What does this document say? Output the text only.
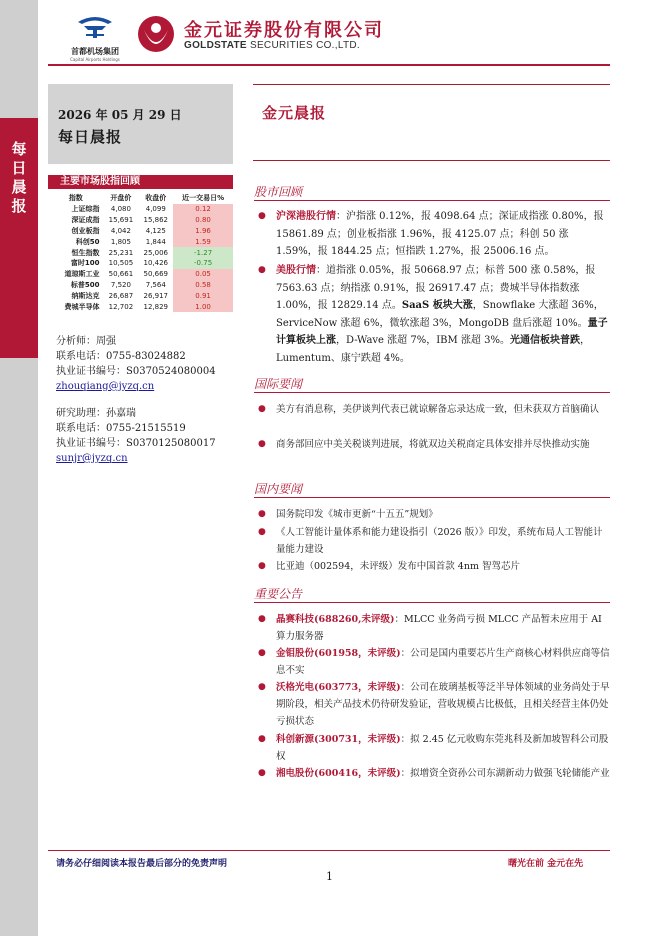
每日晨报
首都机场集团
Capital Airports Holdings
金元证券股份有限公司
GOLDSTATE SECURITIES CO.,LTD.
2026 年 05 月 29 日
每日晨报
金元晨报
主要市场股指回顾
指数	开盘价	收盘价	近一交易日%
上证综指	4,080	4,099	0.12
深证成指	15,691	15,862	0.80
创业板指	4,042	4,125	1.96
科创50	1,805	1,844	1.59
恒生指数	25,231	25,006	-1.27
富时100	10,505	10,426	-0.75
道琼斯工业	50,661	50,669	0.05
标普500	7,520	7,564	0.58
纳斯达克	26,687	26,917	0.91
费城半导体	12,702	12,829	1.00
分析师：周强
联系电话：0755-83024882
执业证书编号：S0370524080004
zhouqiang@jyzq.cn
研究助理：孙嘉瑞
联系电话：0755-21515519
执业证书编号：S0370125080017
sunjr@jyzq.cn
股市回顾
●	沪深港股行情：沪指涨 0.12%，报 4098.64 点；深证成指涨 0.80%，报 15861.89 点；创业板指涨 1.96%，报 4125.07 点；科创 50 涨 1.59%，报 1844.25 点；恒指跌 1.27%，报 25006.16 点。
●	美股行情：道指涨 0.05%，报 50668.97 点；标普 500 涨 0.58%，报 7563.63 点；纳指涨 0.91%，报 26917.47 点；费城半导体指数涨 1.00%，报 12829.14 点。SaaS 板块大涨，Snowflake 大涨超 36%，ServiceNow 涨超 6%，微软涨超 3%，MongoDB 盘后涨超 10%。量子计算板块上涨，D-Wave 涨超 7%，IBM 涨超 3%。光通信板块普跌，Lumentum、康宁跌超 4%。
国际要闻
●	美方有消息称，美伊谈判代表已就谅解备忘录达成一致，但未获双方首脑确认
●	商务部回应中美关税谈判进展，将就双边关税商定具体安排并尽快推动实施
国内要闻
●	国务院印发《城市更新“十五五”规划》
●	《人工智能计量体系和能力建设指引（2026 版）》印发，系统布局人工智能计量能力建设
●	比亚迪（002594，未评级）发布中国首款 4nm 智驾芯片
重要公告
●	晶赛科技(688260,未评级)：MLCC 业务尚亏损 MLCC 产品暂未应用于 AI 算力服务器
●	金钼股份(601958，未评级)：公司是国内重要芯片生产商核心材料供应商等信息不实
●	沃格光电(603773，未评级)：公司在玻璃基板等泛半导体领域的业务尚处于早期阶段，相关产品技术仍待研发验证，营收规模占比极低，且相关经营主体仍处亏损状态
●	科创新源(300731，未评级)：拟 2.45 亿元收购东莞兆科及新加坡智科公司股权
●	湘电股份(600416，未评级)：拟增资全资孙公司东湖新动力做强飞轮储能产业
请务必仔细阅读本报告最后部分的免责声明	曙光在前 金元在先
1
